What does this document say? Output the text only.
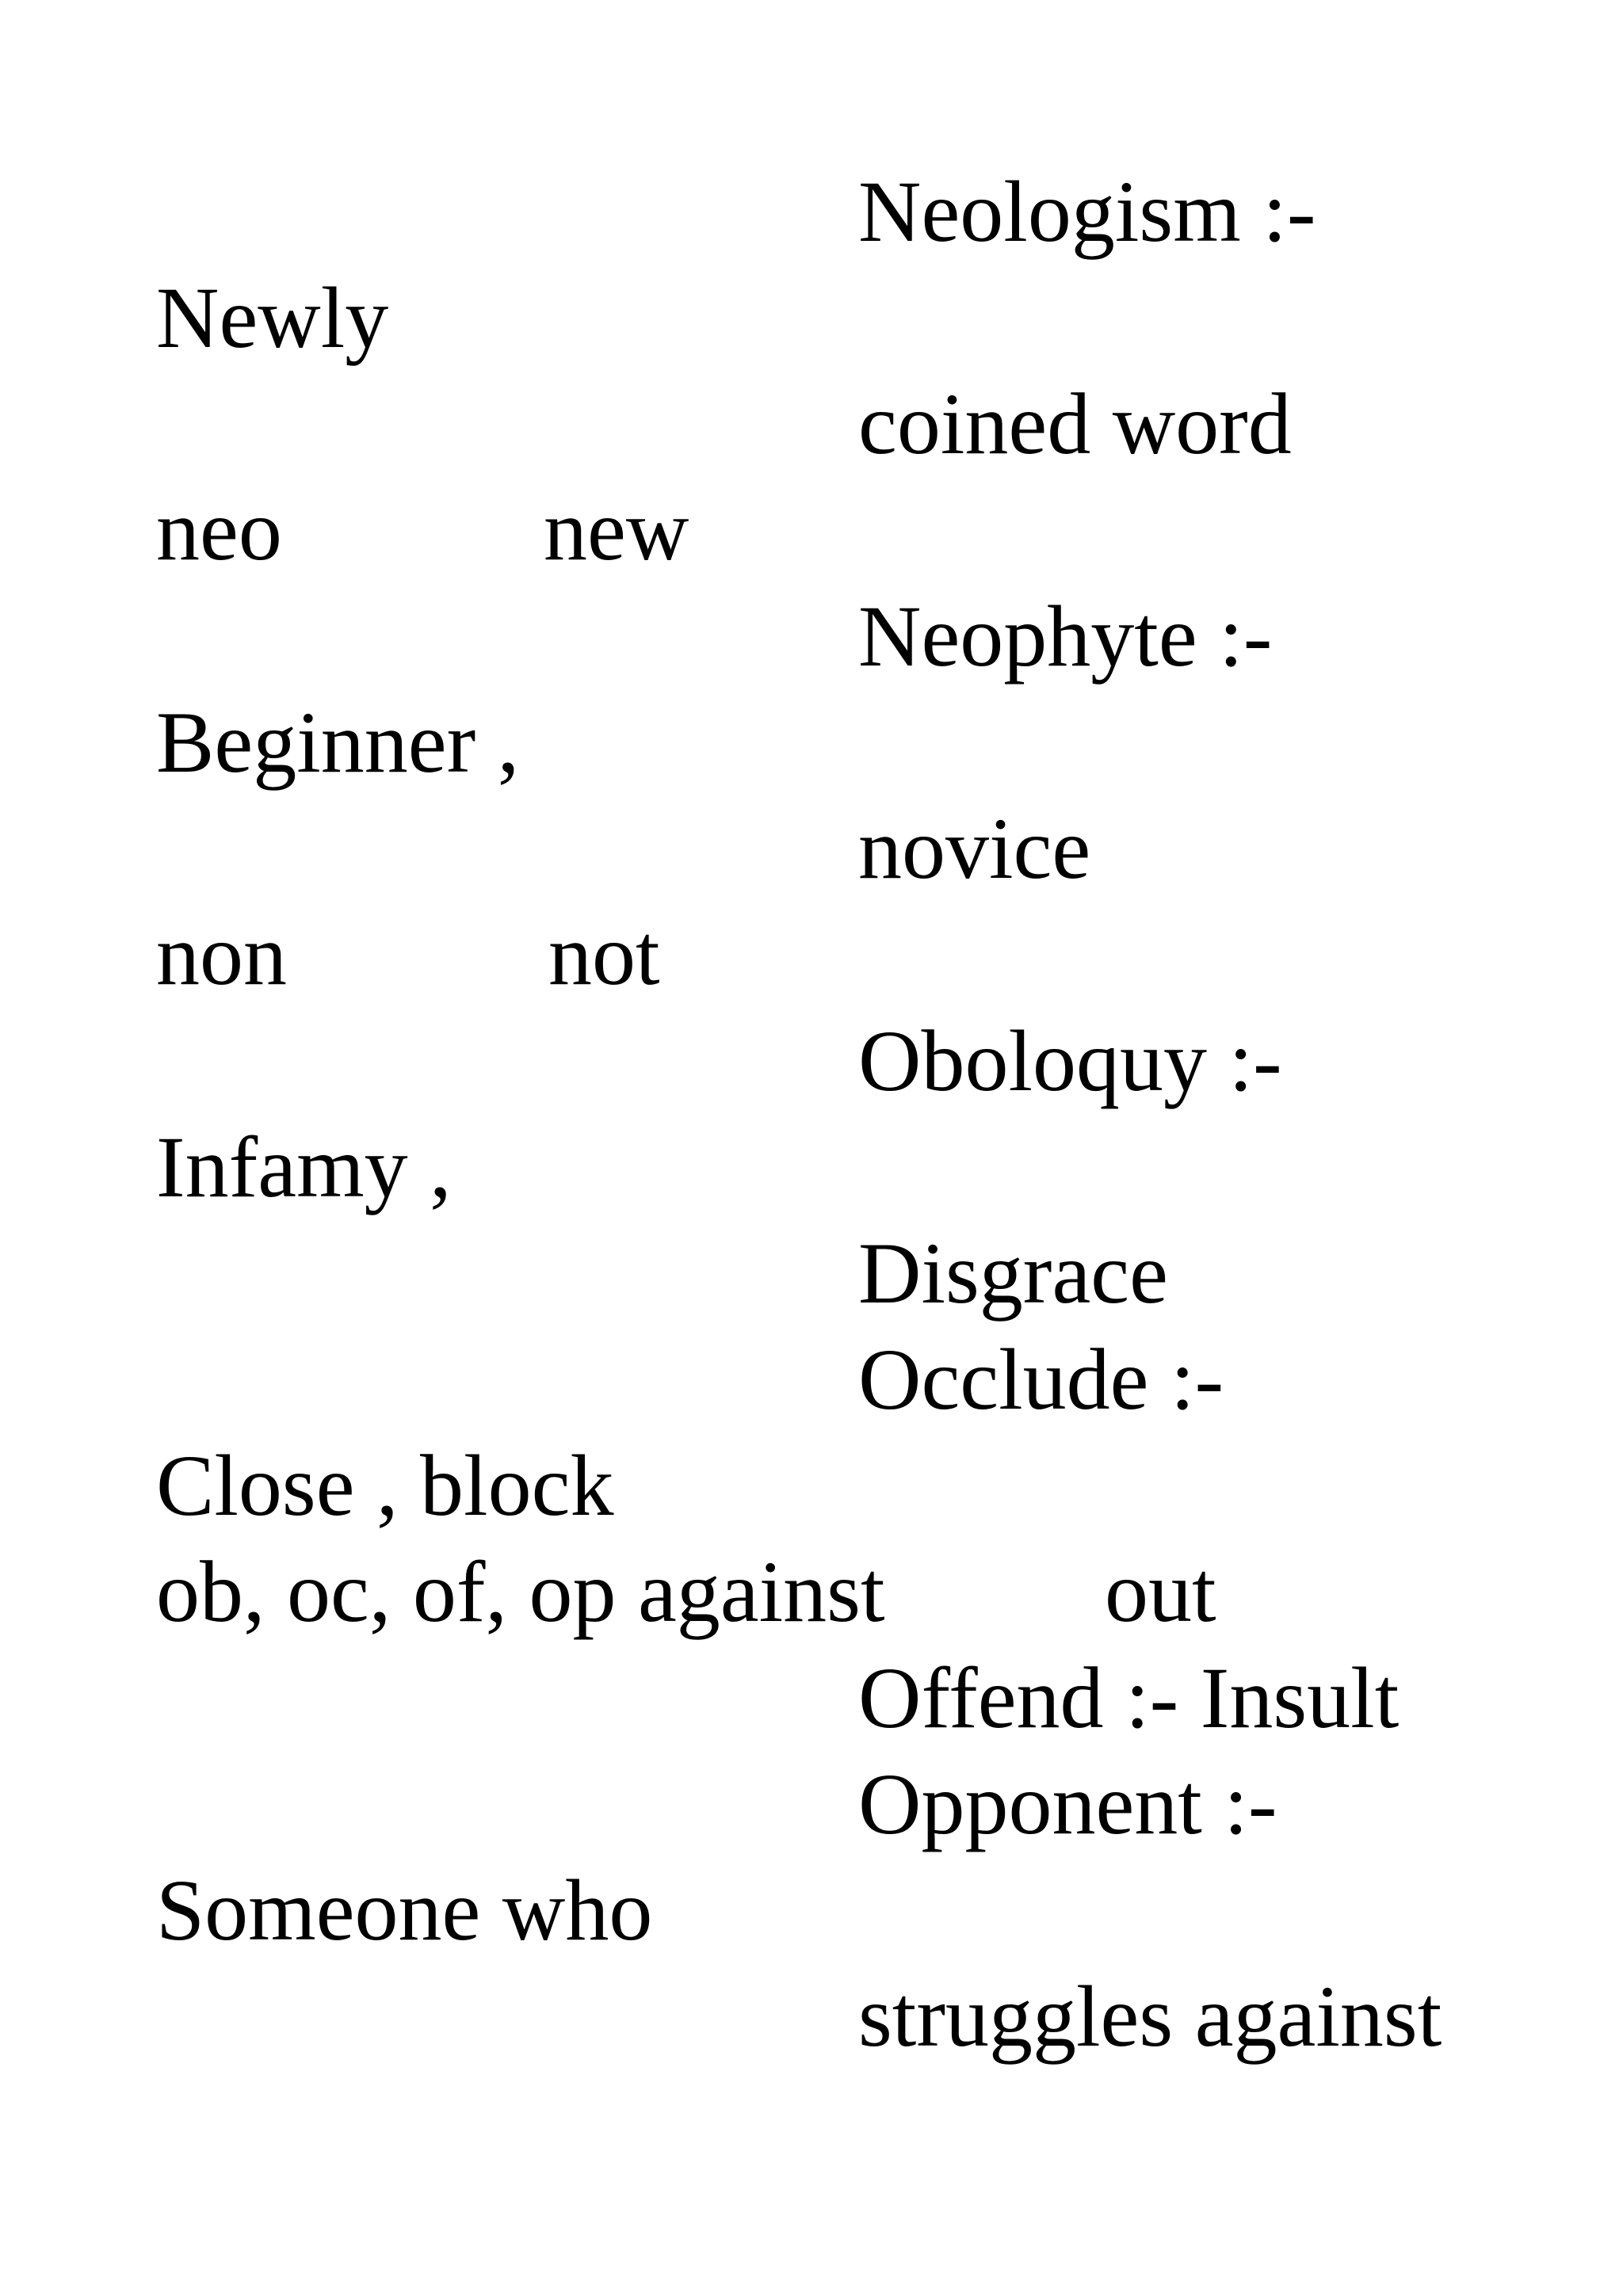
Neologism :-
Newly
coined word
neo	new
Neophyte :-
Beginner ,
novice
non	not
Oboloquy :-
Infamy ,
Disgrace
Occlude :-
Close , block
ob, oc, of, op against	out
Offend :- Insult
Opponent :-
Someone who
struggles against
